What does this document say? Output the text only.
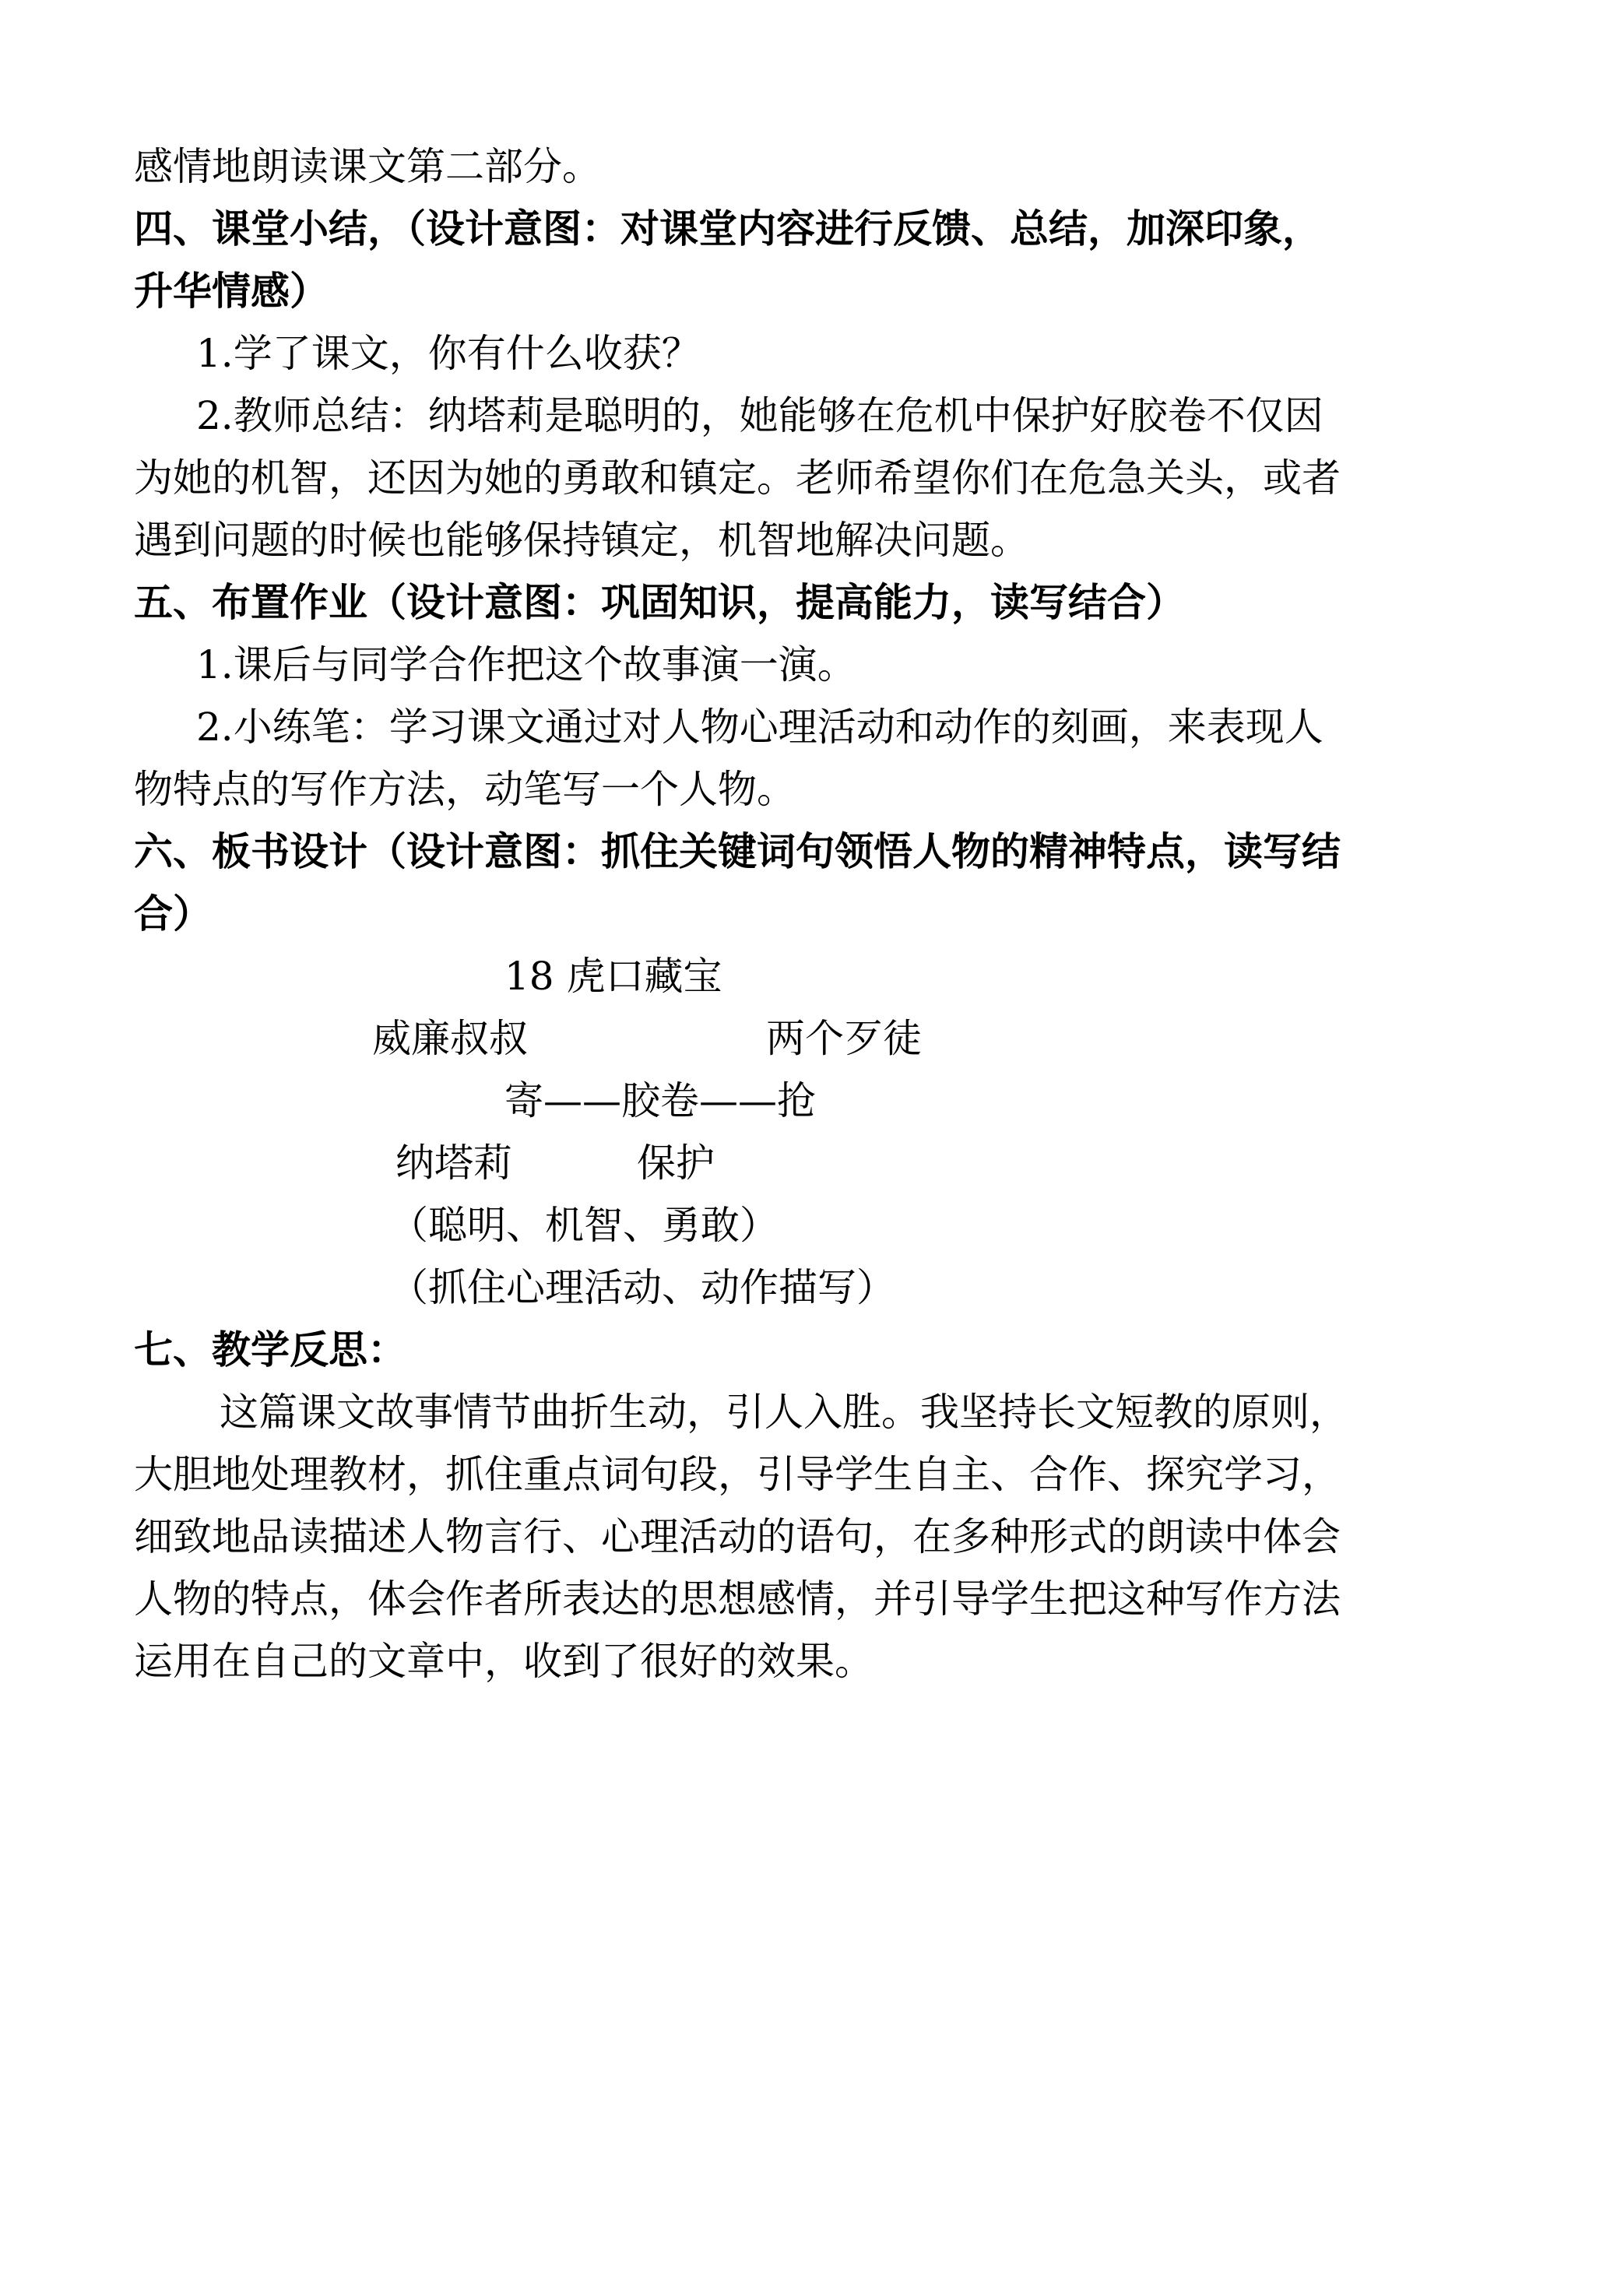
感情地朗读课文第二部分。
四、课堂小结，（设计意图：对课堂内容进行反馈、总结，加深印象，
升华情感）
1.学了课文，你有什么收获？
2.教师总结：纳塔莉是聪明的，她能够在危机中保护好胶卷不仅因
为她的机智，还因为她的勇敢和镇定。老师希望你们在危急关头，或者
遇到问题的时候也能够保持镇定，机智地解决问题。
五、布置作业（设计意图：巩固知识，提高能力，读写结合）
1.课后与同学合作把这个故事演一演。
2.小练笔：学习课文通过对人物心理活动和动作的刻画，来表现人
物特点的写作方法，动笔写一个人物。
六、板书设计（设计意图：抓住关键词句领悟人物的精神特点，读写结
合）
18 虎口藏宝
威廉叔叔	两个歹徒
寄——胶卷——抢
纳塔莉	保护
（聪明、机智、勇敢）
（抓住心理活动、动作描写）
七、教学反思：
这篇课文故事情节曲折生动，引人入胜。我坚持长文短教的原则，
大胆地处理教材，抓住重点词句段，引导学生自主、合作、探究学习，
细致地品读描述人物言行、心理活动的语句，在多种形式的朗读中体会
人物的特点，体会作者所表达的思想感情，并引导学生把这种写作方法
运用在自己的文章中，收到了很好的效果。
